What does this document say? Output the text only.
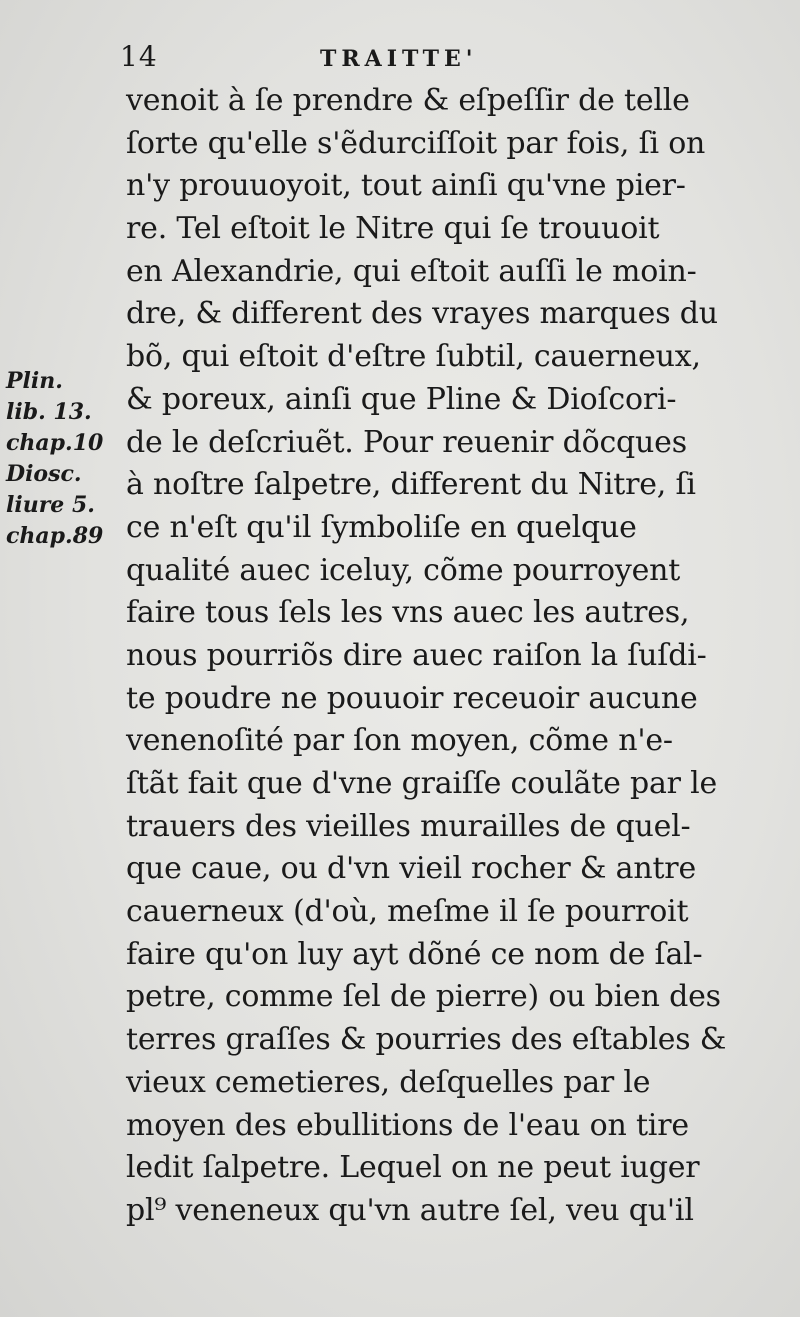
14	TRAITTE'
Plin.
lib. 13.
chap.10
Diosc.
liure 5.
chap.89
venoit à ſe prendre & eſpeſſir de telle
ſorte qu'elle s'ẽdurciſſoit par fois, ſi on
n'y prouuoyoit, tout ainſi qu'vne pier-
re. Tel eſtoit le Nitre qui ſe trouuoit
en Alexandrie, qui eſtoit auſſi le moin-
dre, & different des vrayes marques du
bõ, qui eſtoit d'eſtre ſubtil, cauerneux,
& poreux, ainſi que Pline & Dioſcori-
de le deſcriuẽt. Pour reuenir dõcques
à noſtre ſalpetre, different du Nitre, ſi
ce n'eſt qu'il ſymboliſe en quelque
qualité auec iceluy, cõme pourroyent
faire tous ſels les vns auec les autres,
nous pourriõs dire auec raiſon la ſuſdi-
te poudre ne pouuoir receuoir aucune
venenoſité par ſon moyen, cõme n'e-
ſtãt fait que d'vne graiſſe coulãte par le
trauers des vieilles murailles de quel-
que caue, ou d'vn vieil rocher & antre
cauerneux (d'où, meſme il ſe pourroit
faire qu'on luy ayt dõné ce nom de ſal-
petre, comme ſel de pierre) ou bien des
terres graſſes & pourries des eſtables &
vieux cemetieres, deſquelles par le
moyen des ebullitions de l'eau on tire
ledit ſalpetre. Lequel on ne peut iuger
pl⁹ veneneux qu'vn autre ſel, veu qu'il
